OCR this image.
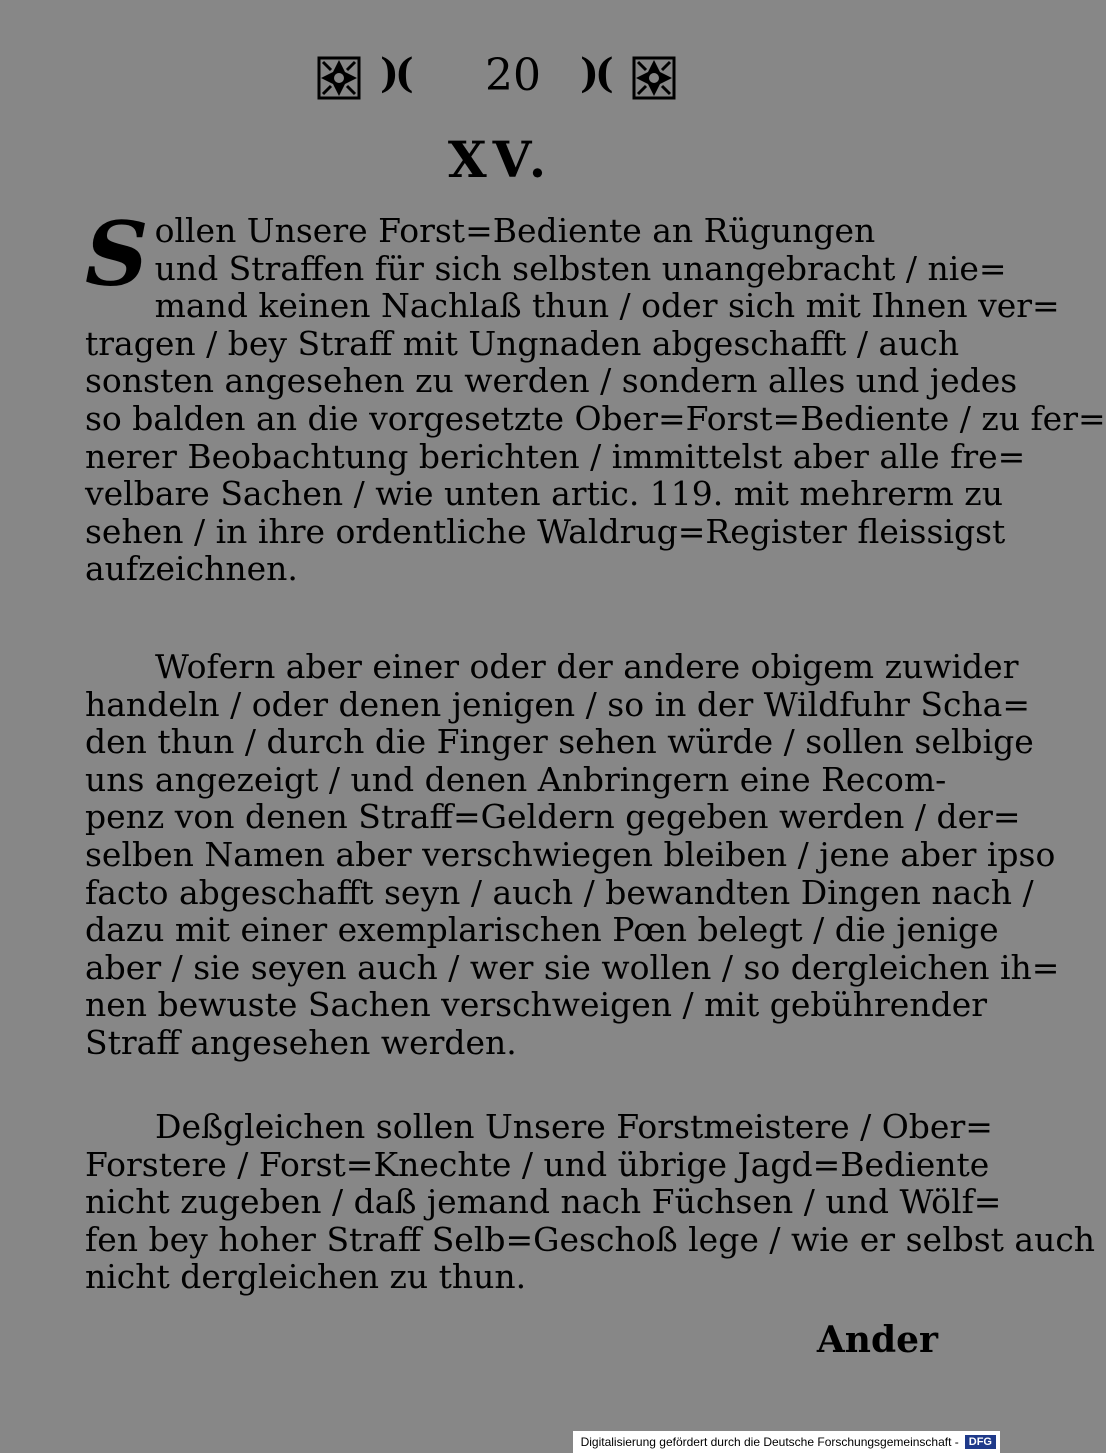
)(	20 )(
XV.
S ollen Unsere Forst=Bediente an Rügungen
und Straffen für sich selbsten unangebracht / nie=
mand keinen Nachlaß thun / oder sich mit Ihnen ver=
tragen / bey Straff mit Ungnaden abgeschafft / auch
sonsten angesehen zu werden / sondern alles und jedes
so balden an die vorgesetzte Ober=Forst=Bediente / zu fer=
nerer Beobachtung berichten / immittelst aber alle fre=
velbare Sachen / wie unten artic. 119. mit mehrerm zu
sehen / in ihre ordentliche Waldrug=Register fleissigst
aufzeichnen.
Wofern aber einer oder der andere obigem zuwider
handeln / oder denen jenigen / so in der Wildfuhr Scha=
den thun / durch die Finger sehen würde / sollen selbige
uns angezeigt / und denen Anbringern eine Recom-
penz von denen Straff=Geldern gegeben werden / der=
selben Namen aber verschwiegen bleiben / jene aber ipso
facto abgeschafft seyn / auch / bewandten Dingen nach /
dazu mit einer exemplarischen Pœn belegt / die jenige
aber / sie seyen auch / wer sie wollen / so dergleichen ih=
nen bewuste Sachen verschweigen / mit gebührender
Straff angesehen werden.
Deßgleichen sollen Unsere Forstmeistere / Ober=
Forstere / Forst=Knechte / und übrige Jagd=Bediente
nicht zugeben / daß jemand nach Füchsen / und Wölf=
fen bey hoher Straff Selb=Geschoß lege / wie er selbst auch
nicht dergleichen zu thun.
Ander
Digitalisierung gefördert durch die Deutsche Forschungsgemeinschaft - DFG
